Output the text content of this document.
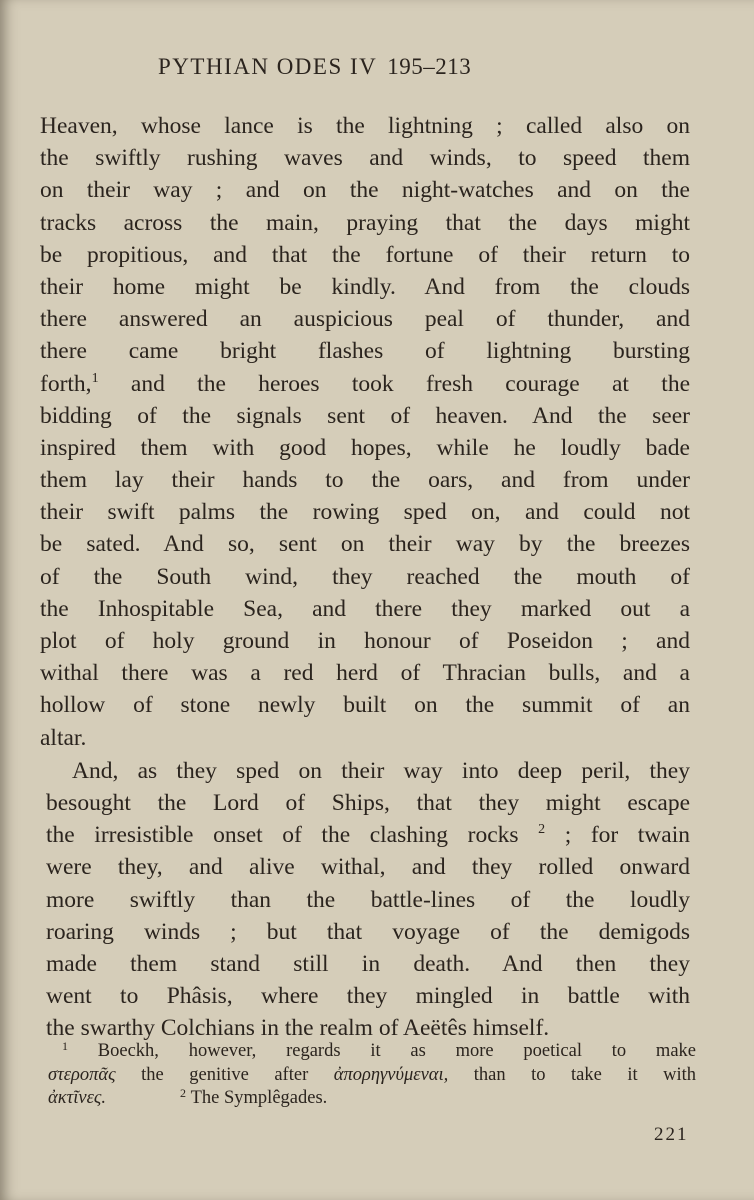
PYTHIAN ODES IV 195–213
Heaven, whose lance is the lightning ; called also on
the swiftly rushing waves and winds, to speed them
on their way ; and on the night-watches and on the
tracks across the main, praying that the days might
be propitious, and that the fortune of their return to
their home might be kindly. And from the clouds
there answered an auspicious peal of thunder, and
there came bright flashes of lightning bursting
forth,$^1$ and the heroes took fresh courage at the
bidding of the signals sent of heaven. And the seer
inspired them with good hopes, while he loudly bade
them lay their hands to the oars, and from under
their swift palms the rowing sped on, and could not
be sated. And so, sent on their way by the breezes
of the South wind, they reached the mouth of
the Inhospitable Sea, and there they marked out a
plot of holy ground in honour of Poseidon ; and
withal there was a red herd of Thracian bulls, and a
hollow of stone newly built on the summit of an
altar.
And, as they sped on their way into deep peril, they
besought the Lord of Ships, that they might escape
the irresistible onset of the clashing rocks $^2$ ; for twain
were they, and alive withal, and they rolled onward
more swiftly than the battle-lines of the loudly
roaring winds ; but that voyage of the demigods
made them stand still in death. And then they
went to Phâsis, where they mingled in battle with
the swarthy Colchians in the realm of Aeëtês himself.
$^1$ Boeckh, however, regards it as more poetical to make
στεροπᾶς the genitive after ἀπορηγνύμεναι, than to take it with
ἀκτῖνες.	$^2$ The Symplêgades.
221
